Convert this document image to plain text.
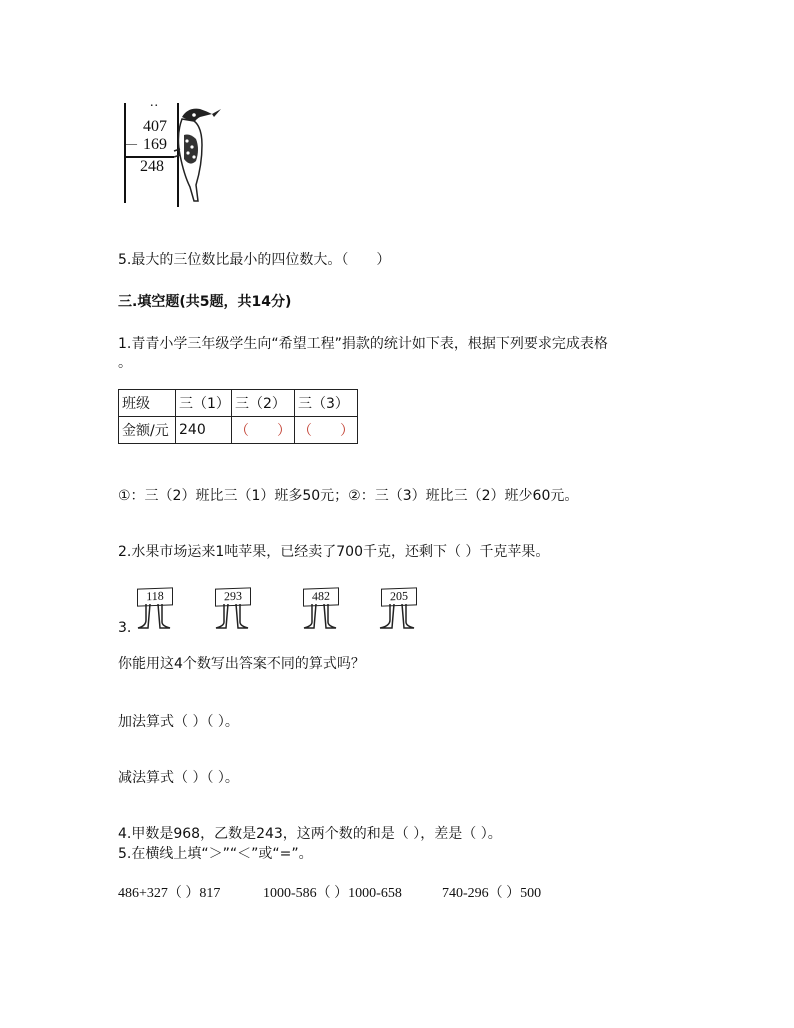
..
407
— 169
248
5.最大的三位数比最小的四位数大。（　　）
三.填空题(共5题，共14分)
1.青青小学三年级学生向“希望工程”捐款的统计如下表，根据下列要求完成表格
。
班级	三（1）	三（2）	三（3）
金额/元	240	（　　）	（　　）
①：三（2）班比三（1）班多50元；②：三（3）班比三（2）班少60元。
2.水果市场运来1吨苹果，已经卖了700千克，还剩下（ ）千克苹果。
118	293	482	205
3.
你能用这4个数写出答案不同的算式吗？
加法算式（ ）（ ）。
减法算式（ ）（ ）。
4.甲数是968，乙数是243，这两个数的和是（ ），差是（ ）。
5.在横线上填“＞”“＜”或“=”。
486+327（ ）817	1000-586（ ）1000-658	740-296（ ）500
